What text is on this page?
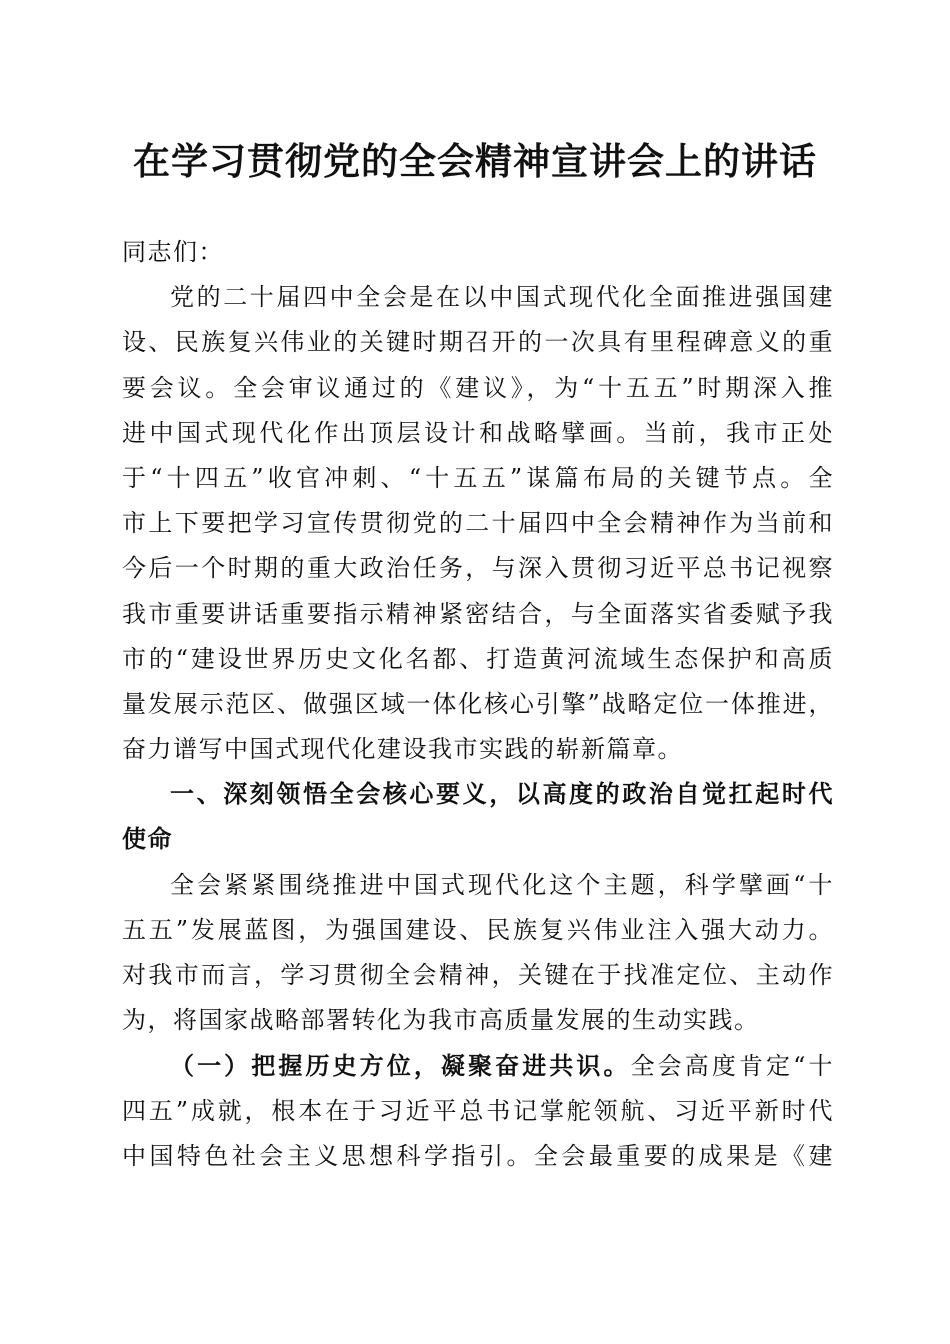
在学习贯彻党的全会精神宣讲会上的讲话
同志们：
党的二十届四中全会是在以中国式现代化全面推进强国建
设、民族复兴伟业的关键时期召开的一次具有里程碑意义的重
要会议。全会审议通过的《建议》，为“十五五”时期深入推
进中国式现代化作出顶层设计和战略擘画。当前，我市正处
于“十四五”收官冲刺、“十五五”谋篇布局的关键节点。全
市上下要把学习宣传贯彻党的二十届四中全会精神作为当前和
今后一个时期的重大政治任务，与深入贯彻习近平总书记视察
我市重要讲话重要指示精神紧密结合，与全面落实省委赋予我
市的“建设世界历史文化名都、打造黄河流域生态保护和高质
量发展示范区、做强区域一体化核心引擎”战略定位一体推进，
奋力谱写中国式现代化建设我市实践的崭新篇章。
一、深刻领悟全会核心要义，以高度的政治自觉扛起时代
使命
全会紧紧围绕推进中国式现代化这个主题，科学擘画“十
五五”发展蓝图，为强国建设、民族复兴伟业注入强大动力。
对我市而言，学习贯彻全会精神，关键在于找准定位、主动作
为，将国家战略部署转化为我市高质量发展的生动实践。
（一）把握历史方位，凝聚奋进共识。全会高度肯定“十
四五”成就，根本在于习近平总书记掌舵领航、习近平新时代
中国特色社会主义思想科学指引。全会最重要的成果是《建
